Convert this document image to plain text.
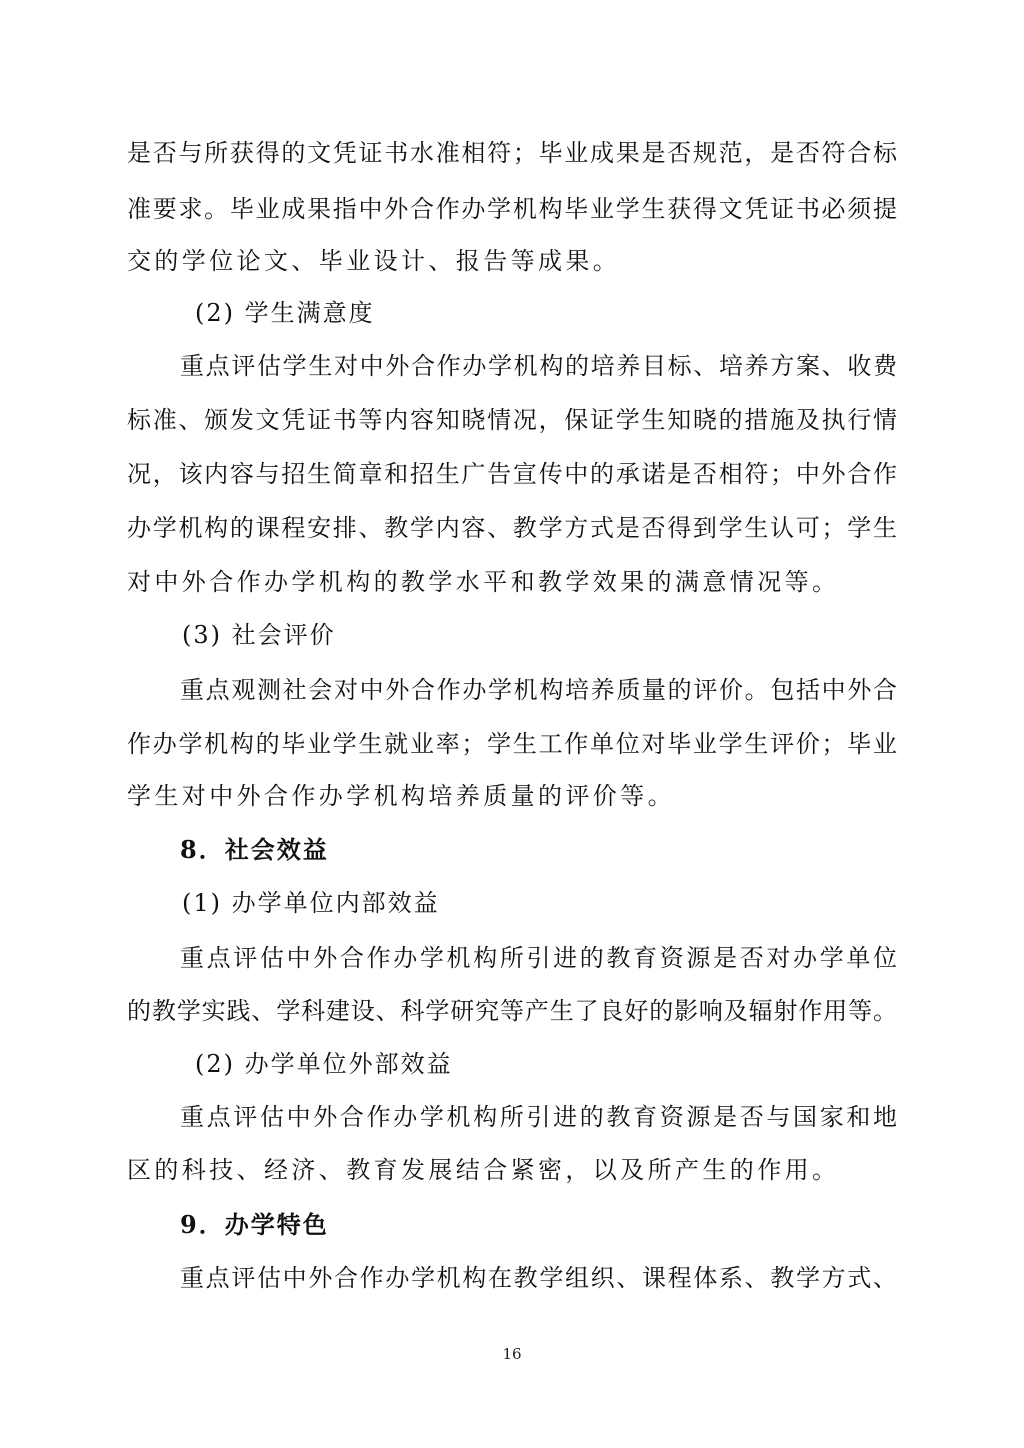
是否与所获得的文凭证书水准相符；毕业成果是否规范，是否符合标
准要求。毕业成果指中外合作办学机构毕业学生获得文凭证书必须提
交的学位论文、毕业设计、报告等成果。
(2) 学生满意度
重点评估学生对中外合作办学机构的培养目标、培养方案、收费
标准、颁发文凭证书等内容知晓情况，保证学生知晓的措施及执行情
况，该内容与招生简章和招生广告宣传中的承诺是否相符；中外合作
办学机构的课程安排、教学内容、教学方式是否得到学生认可；学生
对中外合作办学机构的教学水平和教学效果的满意情况等。
(3) 社会评价
重点观测社会对中外合作办学机构培养质量的评价。包括中外合
作办学机构的毕业学生就业率；学生工作单位对毕业学生评价；毕业
学生对中外合作办学机构培养质量的评价等。
8．社会效益
(1) 办学单位内部效益
重点评估中外合作办学机构所引进的教育资源是否对办学单位
的教学实践、学科建设、科学研究等产生了良好的影响及辐射作用等。
(2) 办学单位外部效益
重点评估中外合作办学机构所引进的教育资源是否与国家和地
区的科技、经济、教育发展结合紧密，以及所产生的作用。
9．办学特色
重点评估中外合作办学机构在教学组织、课程体系、教学方式、
16
